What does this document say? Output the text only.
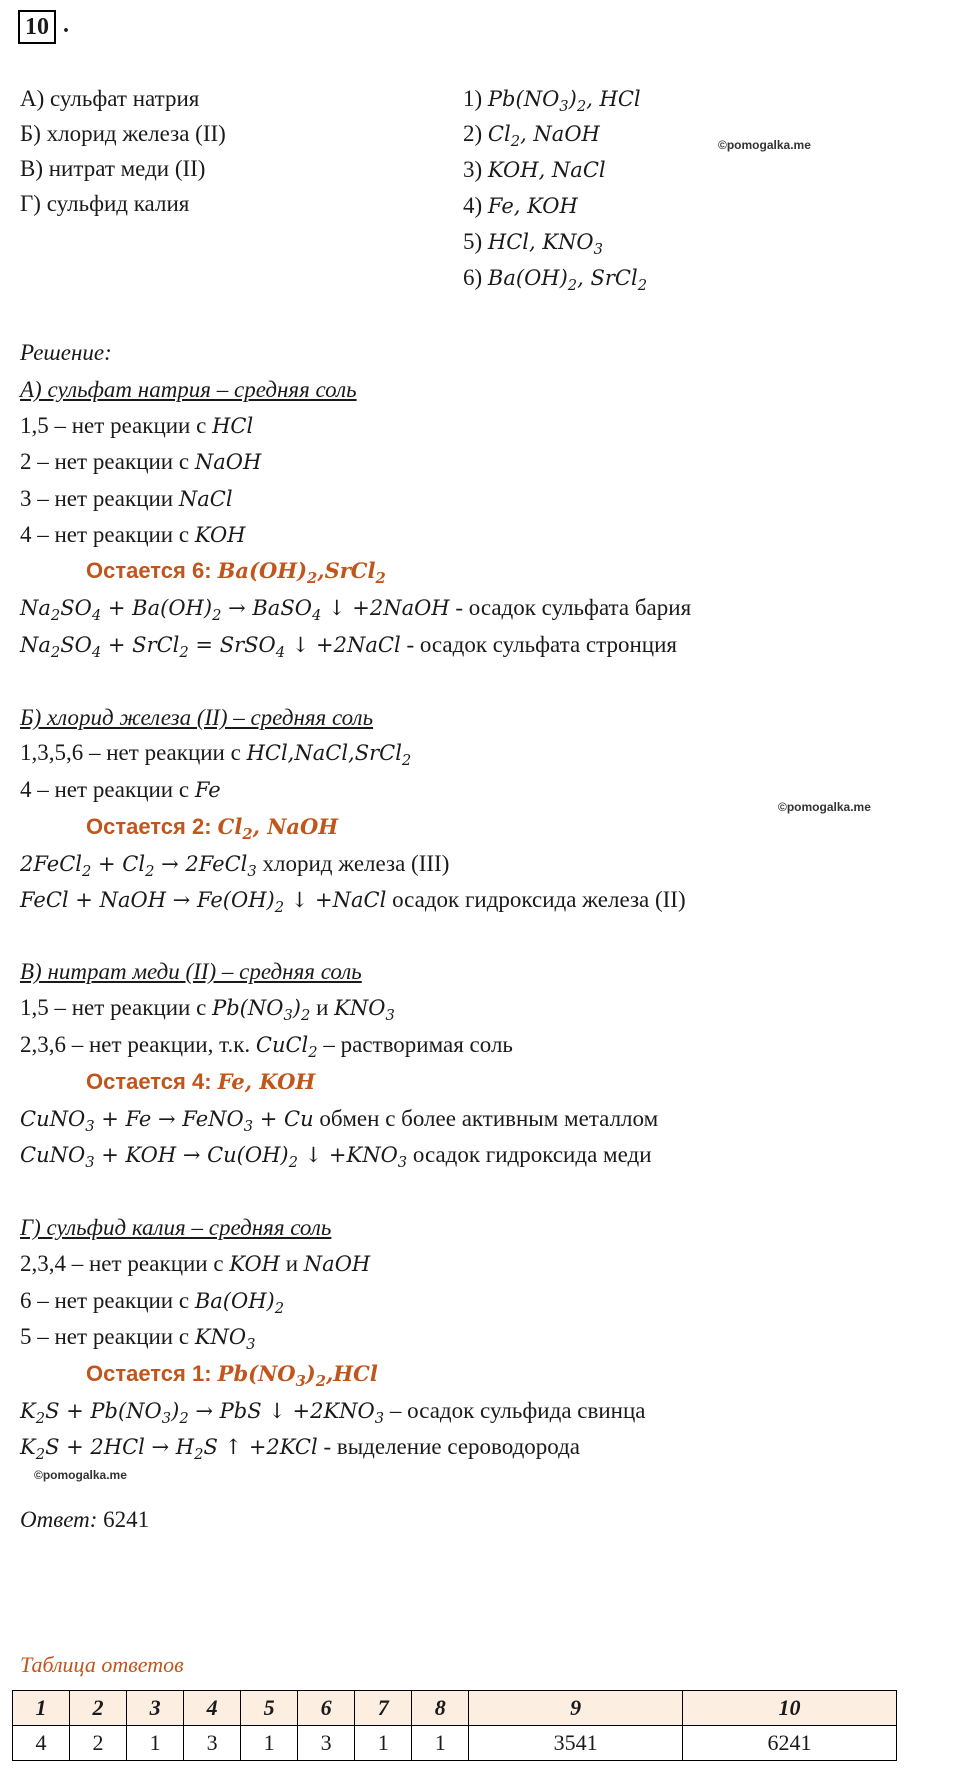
10 .
А) сульфат натрия
Б) хлорид железа (II)
В) нитрат меди (II)
Г) сульфид калия
1) $Pb(NO_3)_2$, HCl
2) $Cl_2$, NaOH
3) KOH, NaCl
4) Fe, KOH
5) HCl, $KNO_3$
6) $Ba(OH)_2$, SrCl$_2$
©pomogalka.me
©pomogalka.me
©pomogalka.me
Решение:
А) сульфат натрия – средняя соль
1,5 – нет реакции с HCl
2 – нет реакции с NaOH
3 – нет реакции NaCl
4 – нет реакции с KOH
Остается 6: $Ba(OH)_2,SrCl_2$
$Na_2SO_4 + Ba(OH)_2$ → BaSO$_4$ ↓ +2NaOH - осадок сульфата бария
$Na_2SO_4$ + SrCl$_2$ = SrSO$_4$ ↓ +2NaCl - осадок сульфата стронция
Б) хлорид железа (II) – средняя соль
1,3,5,6 – нет реакции с HCl,NaCl,SrCl$_2$
4 – нет реакции с Fe
Остается 2: $Cl_2$, NaOH
2FeCl$_2$ + $Cl_2$ → 2FeCl$_3$ хлорид железа (III)
FeCl + NaOH → $Fe(OH)_2$ ↓ +NaCl осадок гидроксида железа (II)
В) нитрат меди (II) – средняя соль
1,5 – нет реакции с $Pb(NO_3)_2$ и $KNO_3$
2,3,6 – нет реакции, т.к. CuCl$_2$ – растворимая соль
Остается 4: Fe, KOH
CuNO$_3$ + Fe → FeNO$_3$ + Cu обмен с более активным металлом
CuNO$_3$ + KOH → $Cu(OH)_2$ ↓ $+KNO_3$ осадок гидроксида меди
Г) сульфид калия – средняя соль
2,3,4 – нет реакции с KOH и NaOH
6 – нет реакции с $Ba(OH)_2$
5 – нет реакции с $KNO_3$
Остается 1: $Pb(NO_3)_2,HCl$
$K_2S + Pb(NO_3)_2$ → PbS ↓ $+2KNO_3$ – осадок сульфида свинца
$K_2S + 2HCl \to H_2S$ ↑ +2KCl - выделение сероводорода
Ответ: 6241
Таблица ответов
1	2	3	4	5	6	7	8	9	10
4	2	1	3	1	3	1	1	3541	6241
